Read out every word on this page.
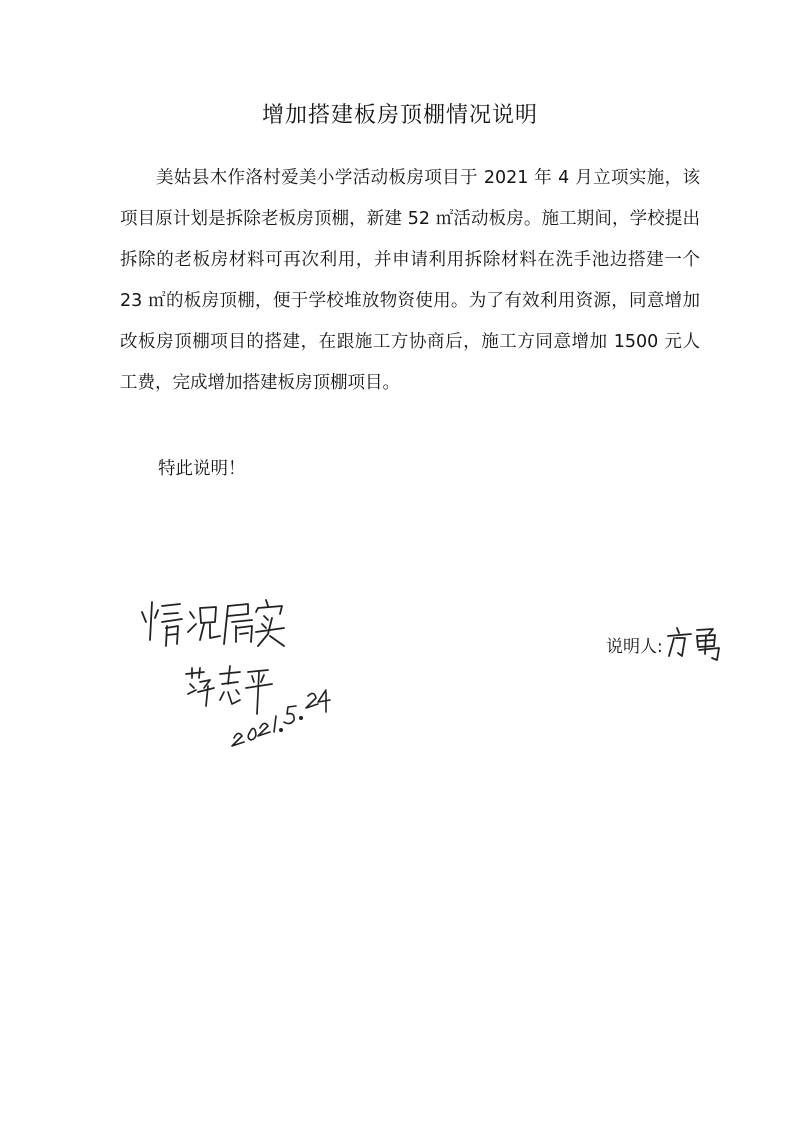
增加搭建板房顶棚情况说明

美姑县木作洛村爱美小学活动板房项目于 2021 年 4 月立项实施，该项目原计划是拆除老板房顶棚，新建 52 ㎡活动板房。施工期间，学校提出拆除的老板房材料可再次利用，并申请利用拆除材料在洗手池边搭建一个 23 ㎡的板房顶棚，便于学校堆放物资使用。为了有效利用资源，同意增加改板房顶棚项目的搭建，在跟施工方协商后，施工方同意增加 1500 元人工费，完成增加搭建板房顶棚项目。

特此说明！
说明人:
